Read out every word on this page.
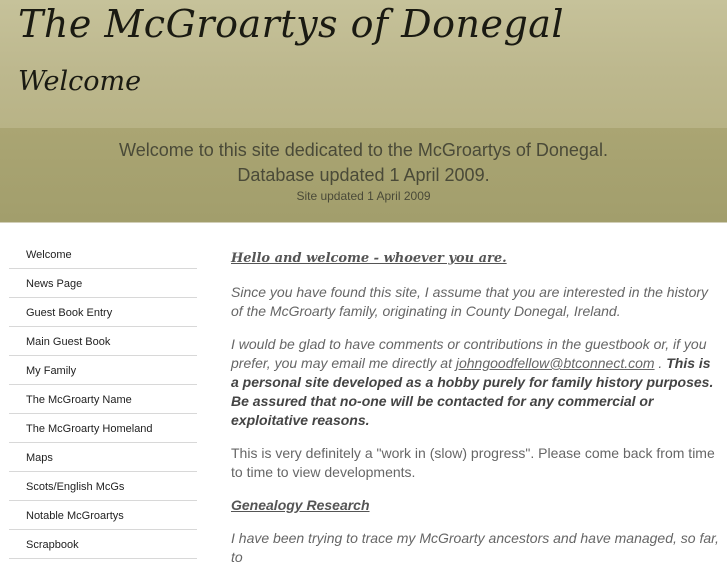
The McGroartys of Donegal
Welcome
Welcome to this site dedicated to the McGroartys of Donegal.
Database updated 1 April 2009.
Site updated 1 April 2009
Welcome
News Page
Guest Book Entry
Main Guest Book
My Family
The McGroarty Name
The McGroarty Homeland
Maps
Scots/English McGs
Notable McGroartys
Scrapbook

Hello and welcome - whoever you are.

Since you have found this site, I assume that you are interested in the history of the McGroarty family, originating in County Donegal, Ireland.

I would be glad to have comments or contributions in the guestbook or, if you prefer, you may email me directly at johngoodfellow@btconnect.com . This is a personal site developed as a hobby purely for family history purposes. Be assured that no-one will be contacted for any commercial or exploitative reasons.

This is very definitely a "work in (slow) progress". Please come back from time to time to view developments.

Genealogy Research

I have been trying to trace my McGroarty ancestors and have managed, so far, to
